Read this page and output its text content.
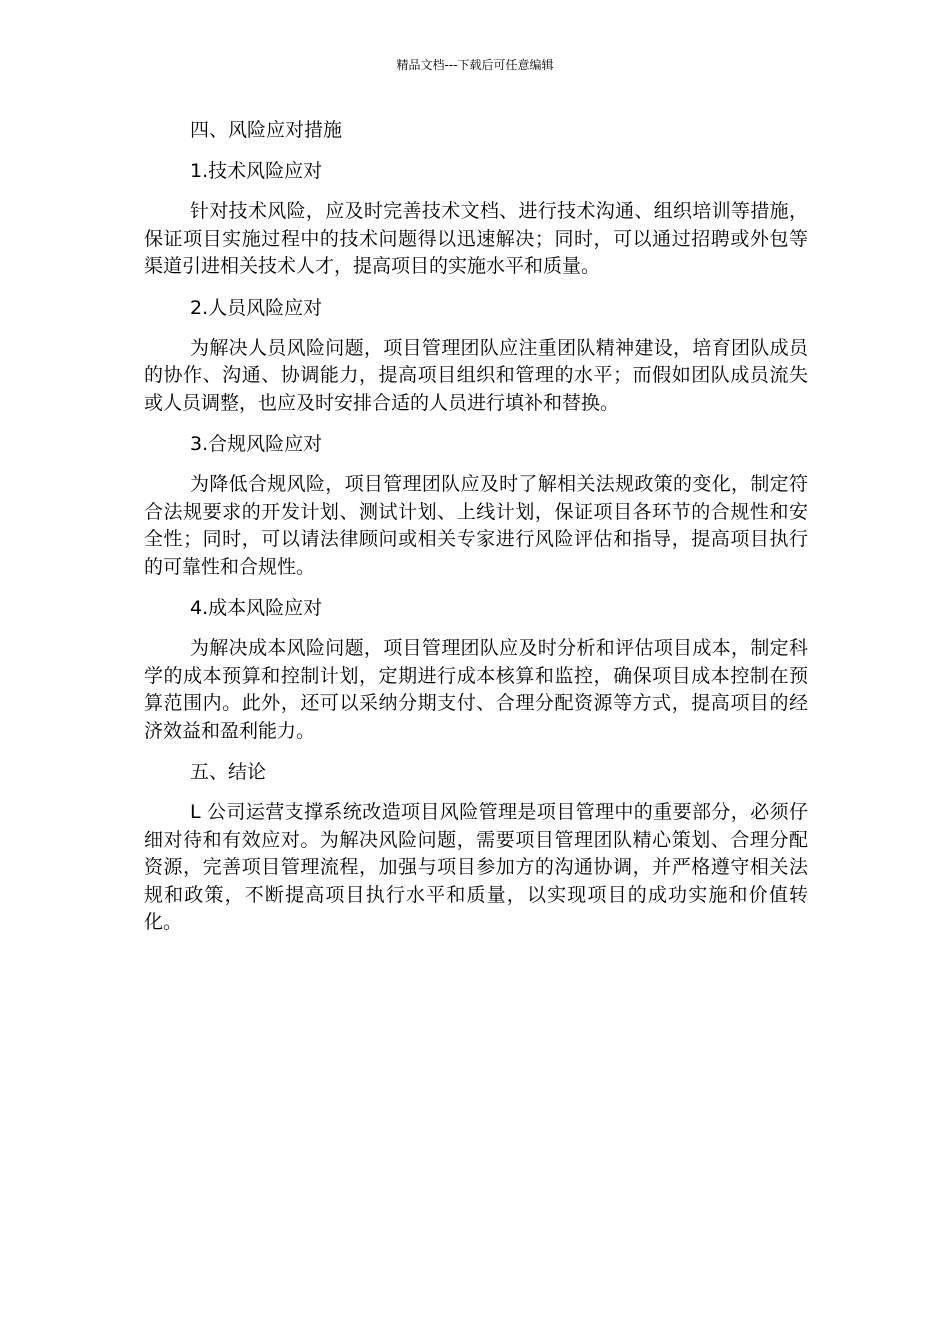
精品文档---下载后可任意编辑
四、风险应对措施
1.技术风险应对
针对技术风险，应及时完善技术文档、进行技术沟通、组织培训等措施，保证项目实施过程中的技术问题得以迅速解决；同时，可以通过招聘或外包等渠道引进相关技术人才，提高项目的实施水平和质量。
2.人员风险应对
为解决人员风险问题，项目管理团队应注重团队精神建设，培育团队成员的协作、沟通、协调能力，提高项目组织和管理的水平；而假如团队成员流失或人员调整，也应及时安排合适的人员进行填补和替换。
3.合规风险应对
为降低合规风险，项目管理团队应及时了解相关法规政策的变化，制定符合法规要求的开发计划、测试计划、上线计划，保证项目各环节的合规性和安全性；同时，可以请法律顾问或相关专家进行风险评估和指导，提高项目执行的可靠性和合规性。
4.成本风险应对
为解决成本风险问题，项目管理团队应及时分析和评估项目成本，制定科学的成本预算和控制计划，定期进行成本核算和监控，确保项目成本控制在预算范围内。此外，还可以采纳分期支付、合理分配资源等方式，提高项目的经济效益和盈利能力。
五、结论
L 公司运营支撑系统改造项目风险管理是项目管理中的重要部分，必须仔细对待和有效应对。为解决风险问题，需要项目管理团队精心策划、合理分配资源，完善项目管理流程，加强与项目参加方的沟通协调，并严格遵守相关法规和政策，不断提高项目执行水平和质量，以实现项目的成功实施和价值转化。
